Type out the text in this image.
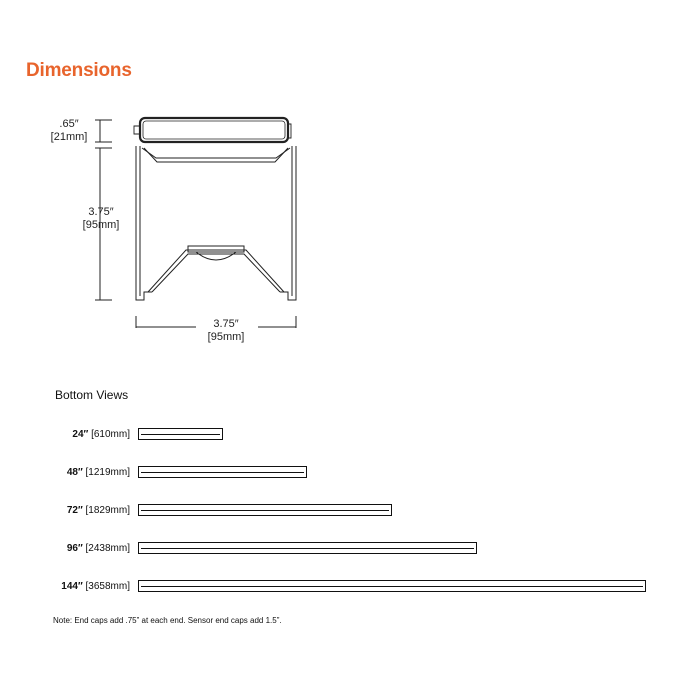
Dimensions
.65″
[21mm]
3.75″
[95mm]
3.75″
[95mm]
Bottom Views
24″ [610mm]
48″ [1219mm]
72″ [1829mm]
96″ [2438mm]
144″ [3658mm]
Note: End caps add .75” at each end. Sensor end caps add 1.5”.
